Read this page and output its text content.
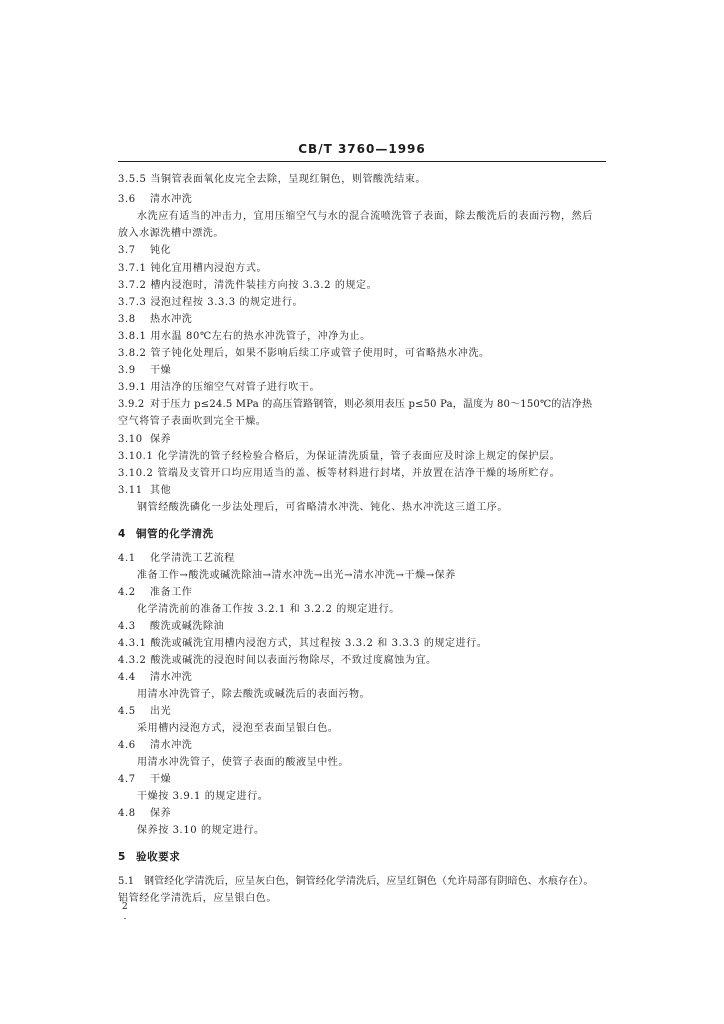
CB/T 3760—1996
3.5.5 当铜管表面氧化皮完全去除，呈现红铜色，则管酸洗结束。
3.6 清水冲洗
水洗应有适当的冲击力，宜用压缩空气与水的混合流喷洗管子表面，除去酸洗后的表面污物，然后
放入水源洗槽中漂洗。
3.7 钝化
3.7.1 钝化宜用槽内浸泡方式。
3.7.2 槽内浸泡时，清洗件装挂方向按 3.3.2 的规定。
3.7.3 浸泡过程按 3.3.3 的规定进行。
3.8 热水冲洗
3.8.1 用水温 80℃左右的热水冲洗管子，冲净为止。
3.8.2 管子钝化处理后，如果不影响后续工序或管子使用时，可省略热水冲洗。
3.9 干燥
3.9.1 用洁净的压缩空气对管子进行吹干。
3.9.2 对于压力 p≤24.5 MPa 的高压管路钢管，则必须用表压 p≤50 Pa，温度为 80～150℃的洁净热
空气将管子表面吹到完全干燥。
3.10 保养
3.10.1 化学清洗的管子经检验合格后，为保证清洗质量，管子表面应及时涂上规定的保护层。
3.10.2 管端及支管开口均应用适当的盖、板等材料进行封堵，并放置在洁净干燥的场所贮存。
3.11 其他
钢管经酸洗磷化一步法处理后，可省略清水冲洗、钝化、热水冲洗这三道工序。
4 铜管的化学清洗
4.1 化学清洗工艺流程
准备工作→酸洗或碱洗除油→清水冲洗→出光→清水冲洗→干燥→保养
4.2 准备工作
化学清洗前的准备工作按 3.2.1 和 3.2.2 的规定进行。
4.3 酸洗或碱洗除油
4.3.1 酸洗或碱洗宜用槽内浸泡方式，其过程按 3.3.2 和 3.3.3 的规定进行。
4.3.2 酸洗或碱洗的浸泡时间以表面污物除尽，不致过度腐蚀为宜。
4.4 清水冲洗
用清水冲洗管子，除去酸洗或碱洗后的表面污物。
4.5 出光
采用槽内浸泡方式，浸泡至表面呈银白色。
4.6 清水冲洗
用清水冲洗管子，使管子表面的酸液呈中性。
4.7 干燥
干燥按 3.9.1 的规定进行。
4.8 保养
保养按 3.10 的规定进行。
5 验收要求
5.1 钢管经化学清洗后，应呈灰白色，铜管经化学清洗后，应呈红铜色（允许局部有阴暗色、水痕存在）。
铝管经化学清洗后，应呈银白色。
2
